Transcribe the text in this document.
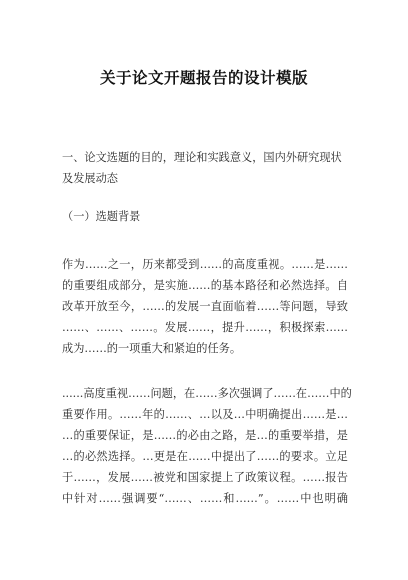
关于论文开题报告的设计模版
一、论文选题的目的，理论和实践意义，国内外研究现状及发展动态
（一）选题背景
作为……之一，历来都受到……的高度重视。……是……
的重要组成部分，是实施……的基本路径和必然选择。自
改革开放至今，……的发展一直面临着……等问题，导致
……、……、……。发展……，提升……，积极探索……
成为……的一项重大和紧迫的任务。
......高度重视……问题，在……多次强调了……在……中的
重要作用。……年的……、…以及…中明确提出……是…
…的重要保证，是……的必由之路，是…的重要举措，是
…的必然选择。…更是在……中提出了……的要求。立足
于……，发展……被党和国家提上了政策议程。……报告
中针对……强调要“……、……和……”。……中也明确
